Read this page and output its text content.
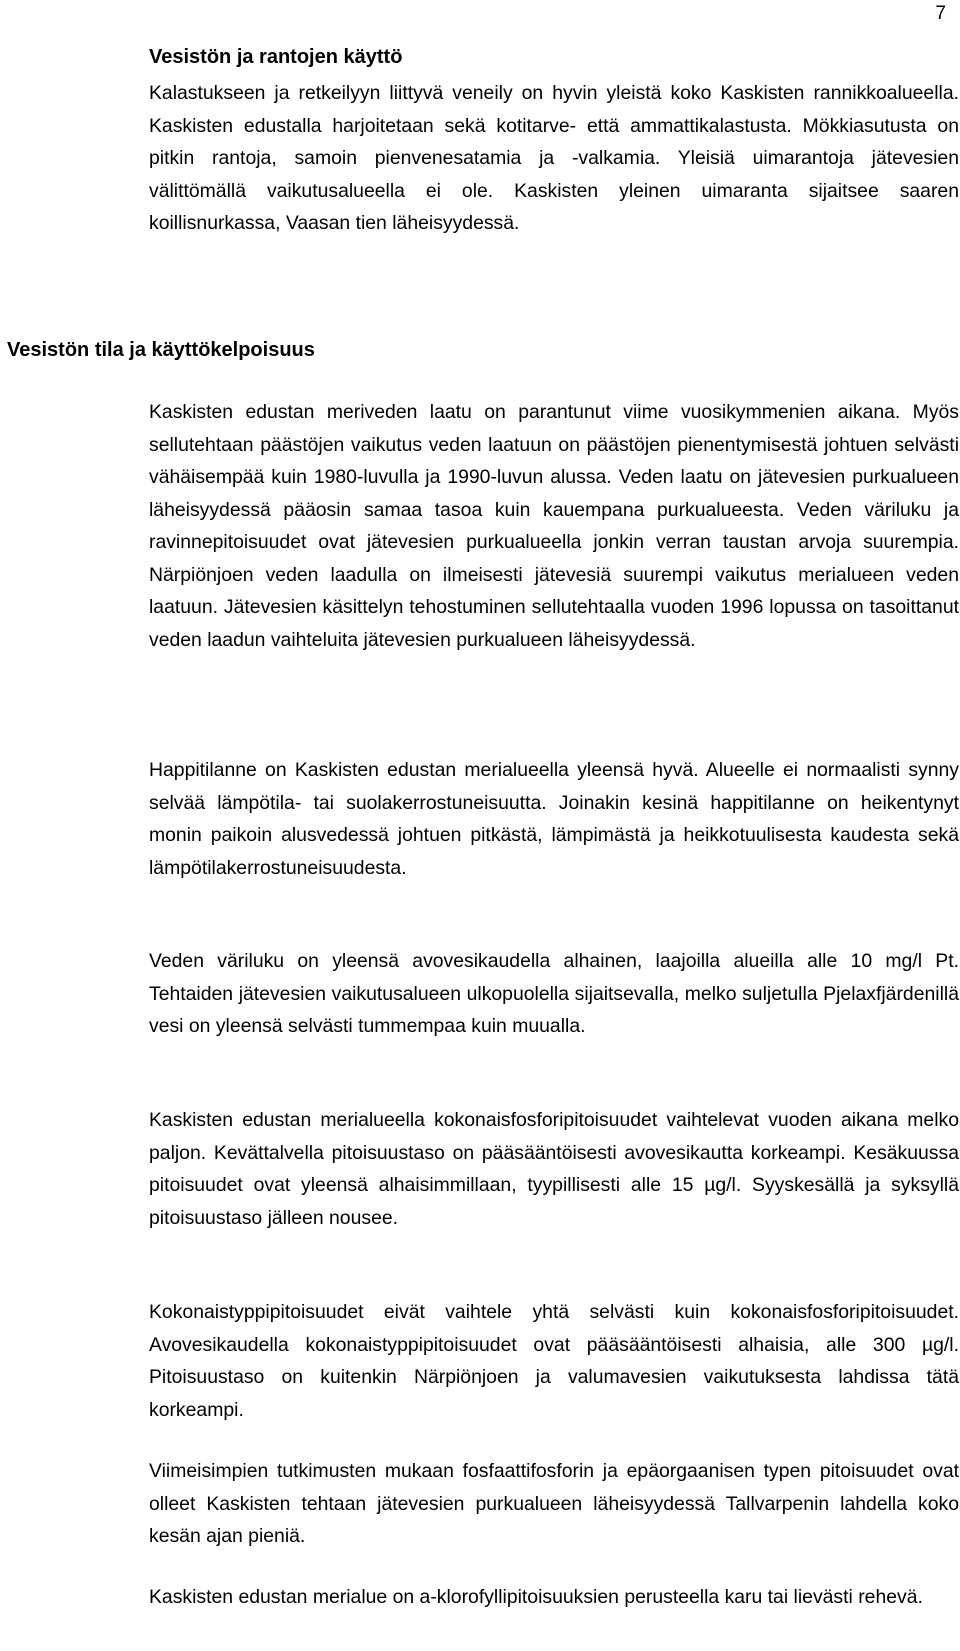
7
Vesistön ja rantojen käyttö

Kalastukseen ja retkeilyyn liittyvä veneily on hyvin yleistä koko Kaskisten rannikkoalueella. Kaskisten edustalla harjoitetaan sekä kotitarve- että ammattikalastusta. Mökkiasutusta on pitkin rantoja, samoin pienvenesatamia ja -valkamia. Yleisiä uimarantoja jätevesien välittömällä vaikutusalueella ei ole. Kaskisten yleinen uimaranta sijaitsee saaren koillisnurkassa, Vaasan tien läheisyydessä.

Vesistön tila ja käyttökelpoisuus

Kaskisten edustan meriveden laatu on parantunut viime vuosikymmenien aikana. Myös sellutehtaan päästöjen vaikutus veden laatuun on päästöjen pienentymisestä johtuen selvästi vähäisempää kuin 1980-luvulla ja 1990-luvun alussa. Veden laatu on jätevesien purkualueen läheisyydessä pääosin samaa tasoa kuin kauempana purkualueesta. Veden väriluku ja ravinnepitoisuudet ovat jätevesien purkualueella jonkin verran taustan arvoja suurempia. Närpiönjoen veden laadulla on ilmeisesti jätevesiä suurempi vaikutus merialueen veden laatuun. Jätevesien käsittelyn tehostuminen sellutehtaalla vuoden 1996 lopussa on tasoittanut veden laadun vaihteluita jätevesien purkualueen läheisyydessä.

Happitilanne on Kaskisten edustan merialueella yleensä hyvä. Alueelle ei normaalisti synny selvää lämpötila- tai suolakerrostuneisuutta. Joinakin kesinä happitilanne on heikentynyt monin paikoin alusvedessä johtuen pitkästä, lämpimästä ja heikkotuulisesta kaudesta sekä lämpötilakerrostuneisuudesta.

Veden väriluku on yleensä avovesikaudella alhainen, laajoilla alueilla alle 10 mg/l Pt. Tehtaiden jätevesien vaikutusalueen ulkopuolella sijaitsevalla, melko suljetulla Pjelaxfjärdenillä vesi on yleensä selvästi tummempaa kuin muualla.

Kaskisten edustan merialueella kokonaisfosforipitoisuudet vaihtelevat vuoden aikana melko paljon. Kevättalvella pitoisuustaso on pääsääntöisesti avovesikautta korkeampi. Kesäkuussa pitoisuudet ovat yleensä alhaisimmillaan, tyypillisesti alle 15 µg/l. Syyskesällä ja syksyllä pitoisuustaso jälleen nousee.

Kokonaistyppipitoisuudet eivät vaihtele yhtä selvästi kuin kokonaisfosforipitoisuudet. Avovesikaudella kokonaistyppipitoisuudet ovat pääsääntöisesti alhaisia, alle 300 µg/l. Pitoisuustaso on kuitenkin Närpiönjoen ja valumavesien vaikutuksesta lahdissa tätä korkeampi.

Viimeisimpien tutkimusten mukaan fosfaattifosforin ja epäorgaanisen typen pitoisuudet ovat olleet Kaskisten tehtaan jätevesien purkualueen läheisyydessä Tallvarpenin lahdella koko kesän ajan pieniä.

Kaskisten edustan merialue on a-klorofyllipitoisuuksien perusteella karu tai lievästi rehevä.
